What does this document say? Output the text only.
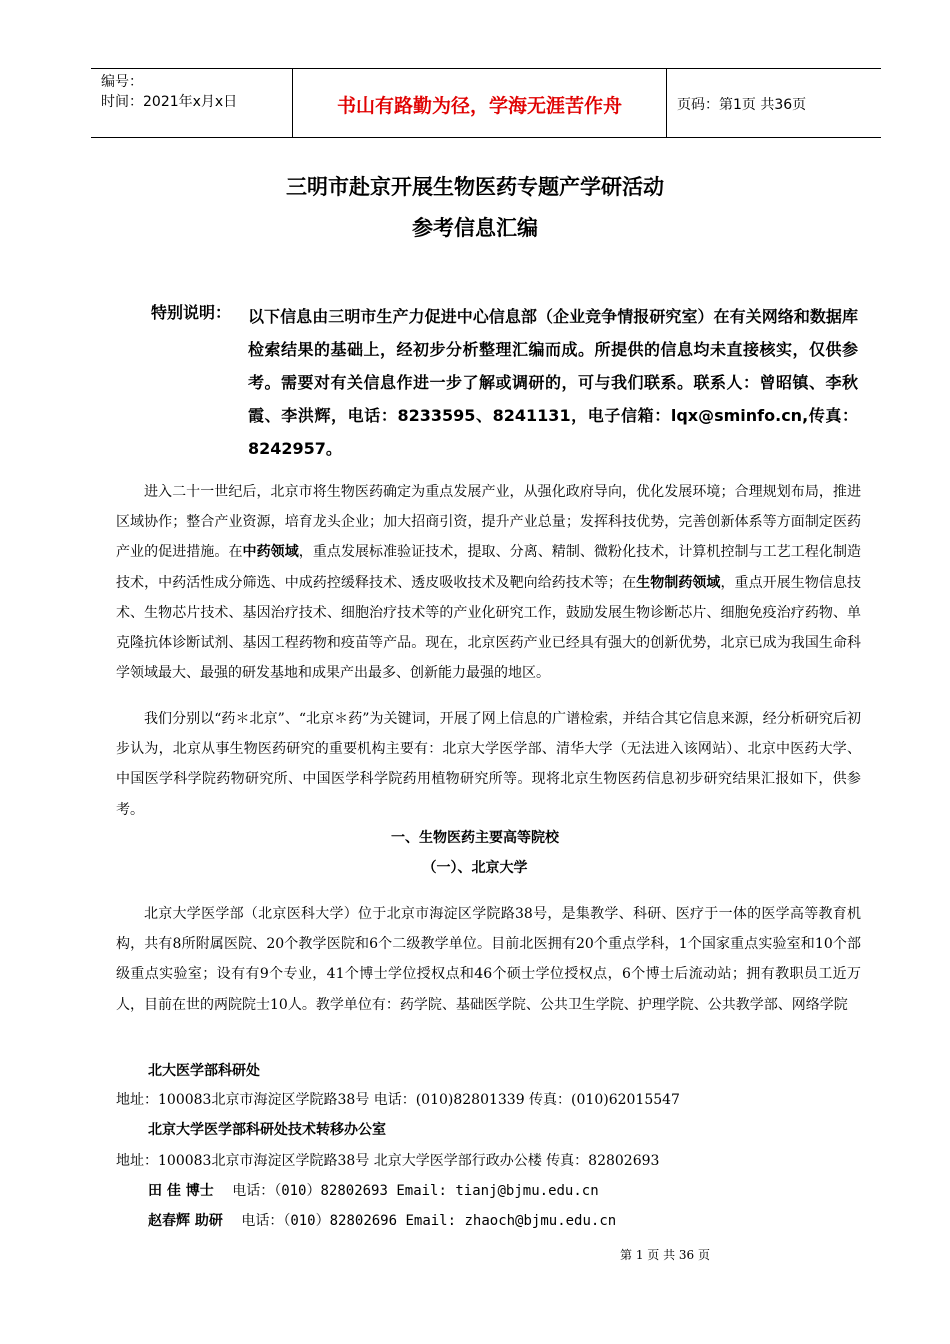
编号：
时间：2021年x月x日	书山有路勤为径，学海无涯苦作舟	页码：第1页 共36页
三明市赴京开展生物医药专题产学研活动
参考信息汇编
特别说明： 以下信息由三明市生产力促进中心信息部（企业竞争情报研究室）在有关网络和数据库检索结果的基础上，经初步分析整理汇编而成。所提供的信息均未直接核实，仅供参考。需要对有关信息作进一步了解或调研的，可与我们联系。联系人：曾昭镇、李秋霞、李洪辉，电话：8233595、8241131，电子信箱：lqx@sminfo.cn,传真：8242957。
进入二十一世纪后，北京市将生物医药确定为重点发展产业，从强化政府导向，优化发展环境；合理规划布局，推进区域协作；整合产业资源，培育龙头企业；加大招商引资，提升产业总量；发挥科技优势，完善创新体系等方面制定医药产业的促进措施。在中药领域，重点发展标准验证技术，提取、分离、精制、微粉化技术，计算机控制与工艺工程化制造技术，中药活性成分筛选、中成药控缓释技术、透皮吸收技术及靶向给药技术等；在生物制药领域，重点开展生物信息技术、生物芯片技术、基因治疗技术、细胞治疗技术等的产业化研究工作，鼓励发展生物诊断芯片、细胞免疫治疗药物、单克隆抗体诊断试剂、基因工程药物和疫苗等产品。现在，北京医药产业已经具有强大的创新优势，北京已成为我国生命科学领域最大、最强的研发基地和成果产出最多、创新能力最强的地区。
我们分别以“药＊北京”、“北京＊药”为关键词，开展了网上信息的广谱检索，并结合其它信息来源，经分析研究后初步认为，北京从事生物医药研究的重要机构主要有：北京大学医学部、清华大学（无法进入该网站）、北京中医药大学、中国医学科学院药物研究所、中国医学科学院药用植物研究所等。现将北京生物医药信息初步研究结果汇报如下，供参考。
一、生物医药主要高等院校
（一）、北京大学
北京大学医学部（北京医科大学）位于北京市海淀区学院路38号，是集教学、科研、医疗于一体的医学高等教育机构，共有8所附属医院、20个教学医院和6个二级教学单位。目前北医拥有20个重点学科，1个国家重点实验室和10个部级重点实验室；设有有9个专业，41个博士学位授权点和46个硕士学位授权点，6个博士后流动站；拥有教职员工近万人，目前在世的两院院士10人。教学单位有：药学院、基础医学院、公共卫生学院、护理学院、公共教学部、网络学院
北大医学部科研处
地址：100083北京市海淀区学院路38号 电话：(010)82801339 传真：(010)62015547
北京大学医学部科研处技术转移办公室
地址：100083北京市海淀区学院路38号 北京大学医学部行政办公楼 传真：82802693
田 佳 博士 电话：（010）82802693 Email: tianj@bjmu.edu.cn
赵春辉 助研 电话：（010）82802696 Email: zhaoch@bjmu.edu.cn
第 1 页 共 36 页
